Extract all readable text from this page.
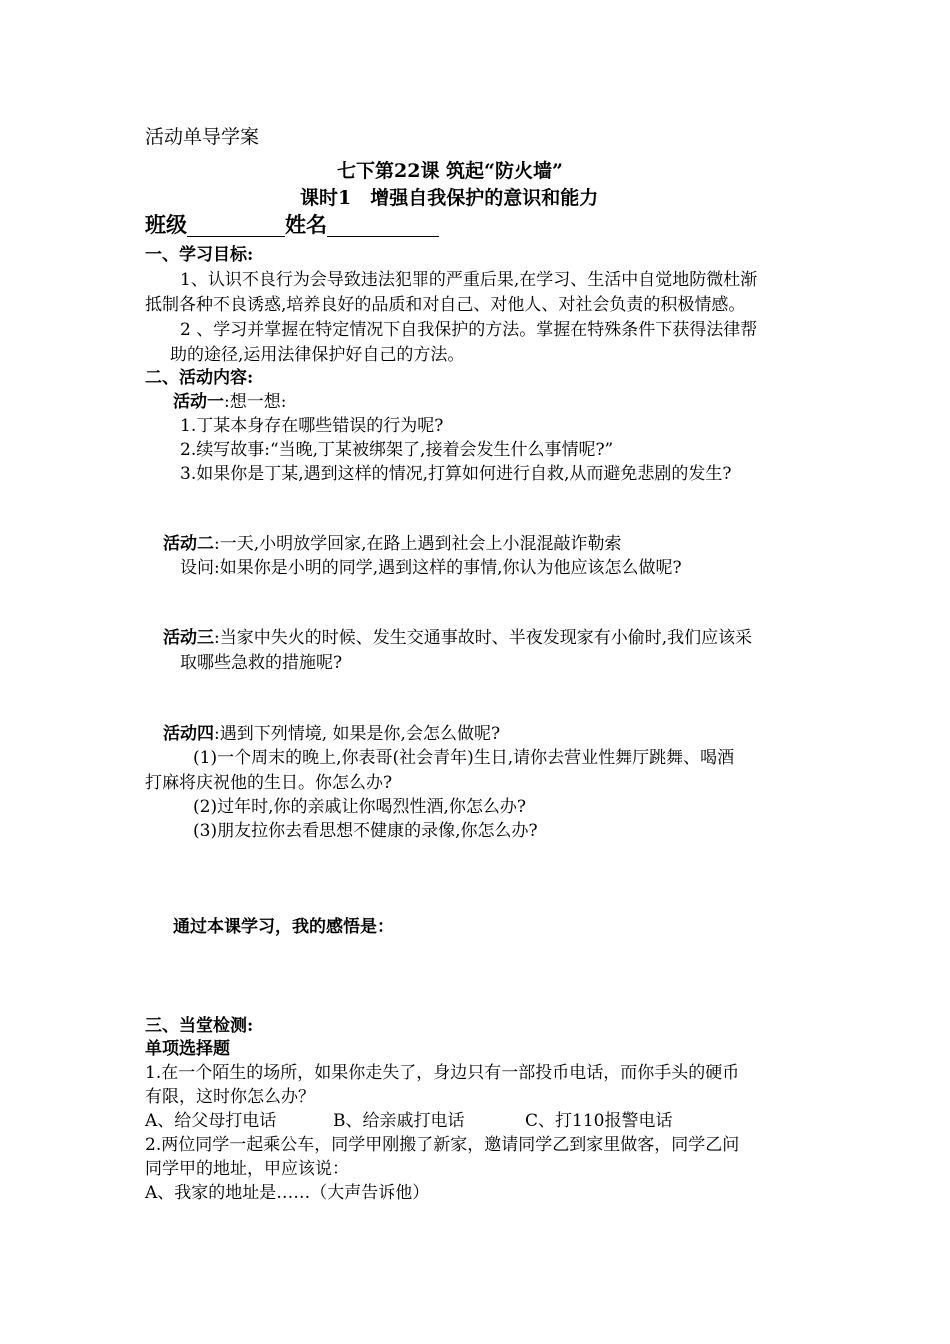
活动单导学案
七下第22课 筑起“防火墙”
课时1　增强自我保护的意识和能力
班级	姓名
一、学习目标:
1、认识不良行为会导致违法犯罪的严重后果,在学习、生活中自觉地防微杜渐
抵制各种不良诱惑,培养良好的品质和对自己、对他人、对社会负责的积极情感。
2 、学习并掌握在特定情况下自我保护的方法。掌握在特殊条件下获得法律帮
助的途径,运用法律保护好自己的方法。
二、活动内容:
活动一:想一想:
1.丁某本身存在哪些错误的行为呢?
2.续写故事:“当晚,丁某被绑架了,接着会发生什么事情呢?”
3.如果你是丁某,遇到这样的情况,打算如何进行自救,从而避免悲剧的发生?
活动二:一天,小明放学回家,在路上遇到社会上小混混敲诈勒索
设问:如果你是小明的同学,遇到这样的事情,你认为他应该怎么做呢?
活动三:当家中失火的时候、发生交通事故时、半夜发现家有小偷时,我们应该采
取哪些急救的措施呢?
活动四:遇到下列情境, 如果是你,会怎么做呢?
(1)一个周末的晚上,你表哥(社会青年)生日,请你去营业性舞厅跳舞、喝酒
打麻将庆祝他的生日。你怎么办?
(2)过年时,你的亲戚让你喝烈性酒,你怎么办?
(3)朋友拉你去看思想不健康的录像,你怎么办?
通过本课学习，我的感悟是：
三、当堂检测:
单项选择题
1.在一个陌生的场所，如果你走失了，身边只有一部投币电话，而你手头的硬币
有限，这时你怎么办？
A、给父母打电话	B、给亲戚打电话	C、打110报警电话
2.两位同学一起乘公车，同学甲刚搬了新家，邀请同学乙到家里做客，同学乙问
同学甲的地址，甲应该说：
A、我家的地址是……（大声告诉他）
